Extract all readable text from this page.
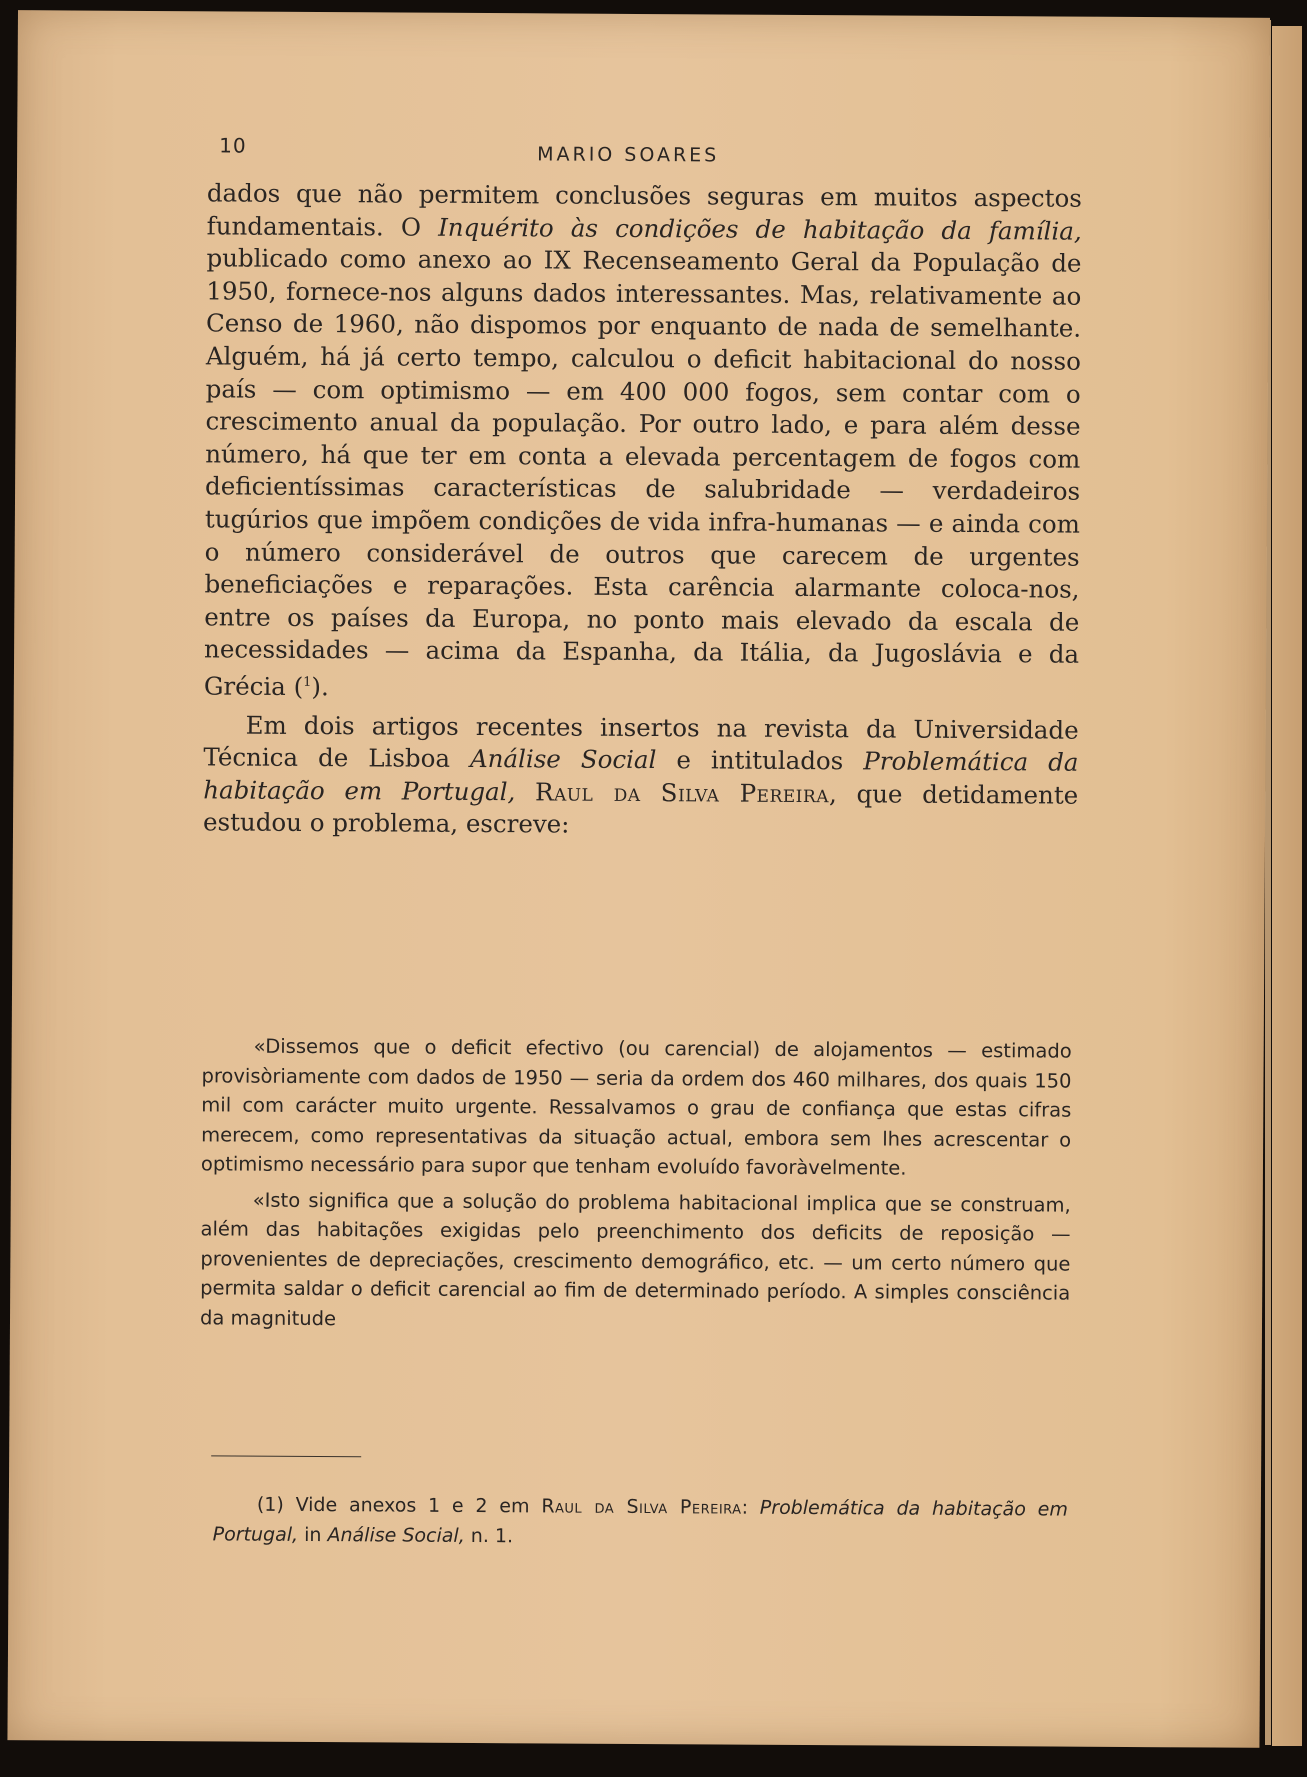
10	MARIO SOARES

dados que não permitem conclusões seguras em muitos aspectos fundamentais. O Inquérito às condições de habitação da família, publicado como anexo ao IX Recenseamento Geral da População de 1950, fornece-nos alguns dados interessantes. Mas, relativamente ao Censo de 1960, não dispomos por enquanto de nada de semelhante. Alguém, há já certo tempo, calculou o deficit habitacional do nosso país — com optimismo — em 400 000 fogos, sem contar com o crescimento anual da população. Por outro lado, e para além desse número, há que ter em conta a elevada percentagem de fogos com deficientíssimas características de salubridade — verdadeiros tugúrios que impõem condições de vida infra-humanas — e ainda com o número considerável de outros que carecem de urgentes beneficiações e reparações. Esta carência alarmante coloca-nos, entre os países da Europa, no ponto mais elevado da escala de necessidades — acima da Espanha, da Itália, da Jugoslávia e da Grécia ($^1$).

Em dois artigos recentes insertos na revista da Universidade Técnica de Lisboa Análise Social e intitulados Problemática da habitação em Portugal, Raul da Silva Pereira, que detidamente estudou o problema, escreve:

«Dissemos que o deficit efectivo (ou carencial) de alojamentos — estimado provisòriamente com dados de 1950 — seria da ordem dos 460 milhares, dos quais 150 mil com carácter muito urgente. Ressalvamos o grau de confiança que estas cifras merecem, como representativas da situação actual, embora sem lhes acrescentar o optimismo necessário para supor que tenham evoluído favoràvelmente.

«Isto significa que a solução do problema habitacional implica que se construam, além das habitações exigidas pelo preenchimento dos deficits de reposição — provenientes de depreciações, crescimento demográfico, etc. — um certo número que permita saldar o deficit carencial ao fim de determinado período. A simples consciência da magnitude

(1) Vide anexos 1 e 2 em Raul da Silva Pereira: Problemática da habitação em Portugal, in Análise Social, n. 1.
